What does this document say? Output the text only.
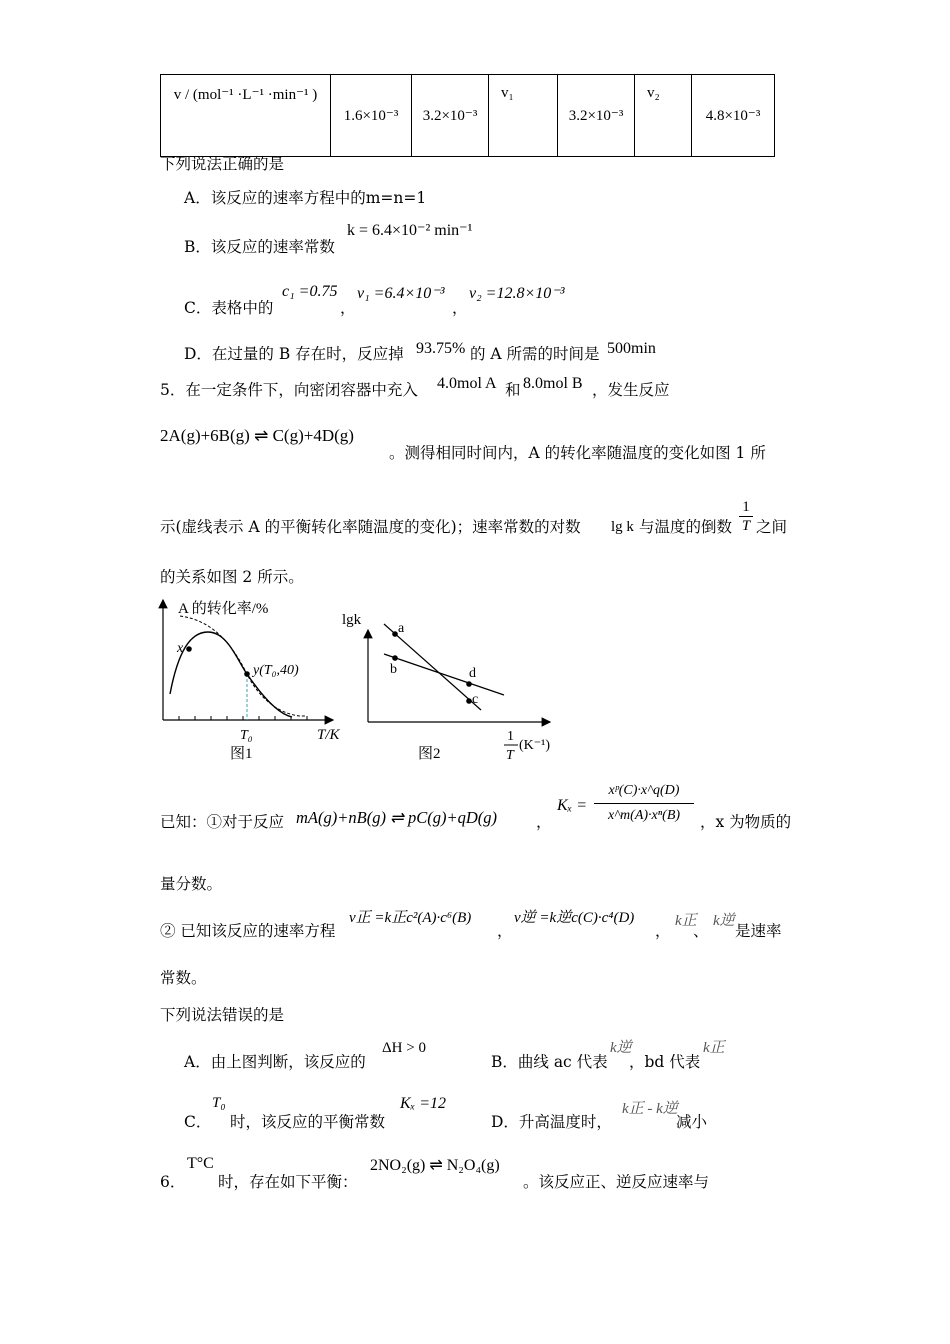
v / (mol⁻¹ ·L⁻¹ ·min⁻¹ )	1.6×10⁻³	3.2×10⁻³	v₁	3.2×10⁻³	v₂	4.8×10⁻³
下列说法正确的是
A．该反应的速率方程中的m=n=1
B．该反应的速率常数
k = 6.4×10⁻² min⁻¹
C．表格中的
c₁ =0.75
，
v₁ =6.4×10⁻³
，
v₂ =12.8×10⁻³
D．在过量的 B 存在时，反应掉 93.75% 的 A 所需的时间是 500min
5．在一定条件下，向密闭容器中充入 4.0mol A 和 8.0mol B ，发生反应
2A(g)+6B(g) ⇌ C(g)+4D(g)
。测得相同时间内，A 的转化率随温度的变化如图 1 所
示(虚线表示 A 的平衡转化率随温度的变化)；速率常数的对数 lg k 与温度的倒数
1
T 之间
的关系如图 2 所示。
A 的转化率/%
x
y(T₀,40)
T₀	T/K
图1
lgk
a
b
c
d
1
T
(K⁻¹)
图2
已知：①对于反应 mA(g)+nB(g) ⇌ pC(g)+qD(g)	，
Kₓ =
xᵖ(C)·x^q(D)
x^m(A)·xⁿ(B)	，x 为物质的
量分数。
② 已知该反应的速率方程
v正 =k正c²(A)·c⁶(B)
，
v逆 =k逆c(C)·c⁴(D)
，
k正
、
k逆
是速率
常数。
下列说法错误的是
A．由上图判断，该反应的
ΔH > 0
B．曲线 ac 代表
k逆
，bd 代表
k正
C．
T₀
时，该反应的平衡常数
Kₓ =12
D．升高温度时，
k正 - k逆
减小
6．
T°C
时，存在如下平衡：
2NO₂(g) ⇌ N₂O₄(g)
。该反应正、逆反应速率与
